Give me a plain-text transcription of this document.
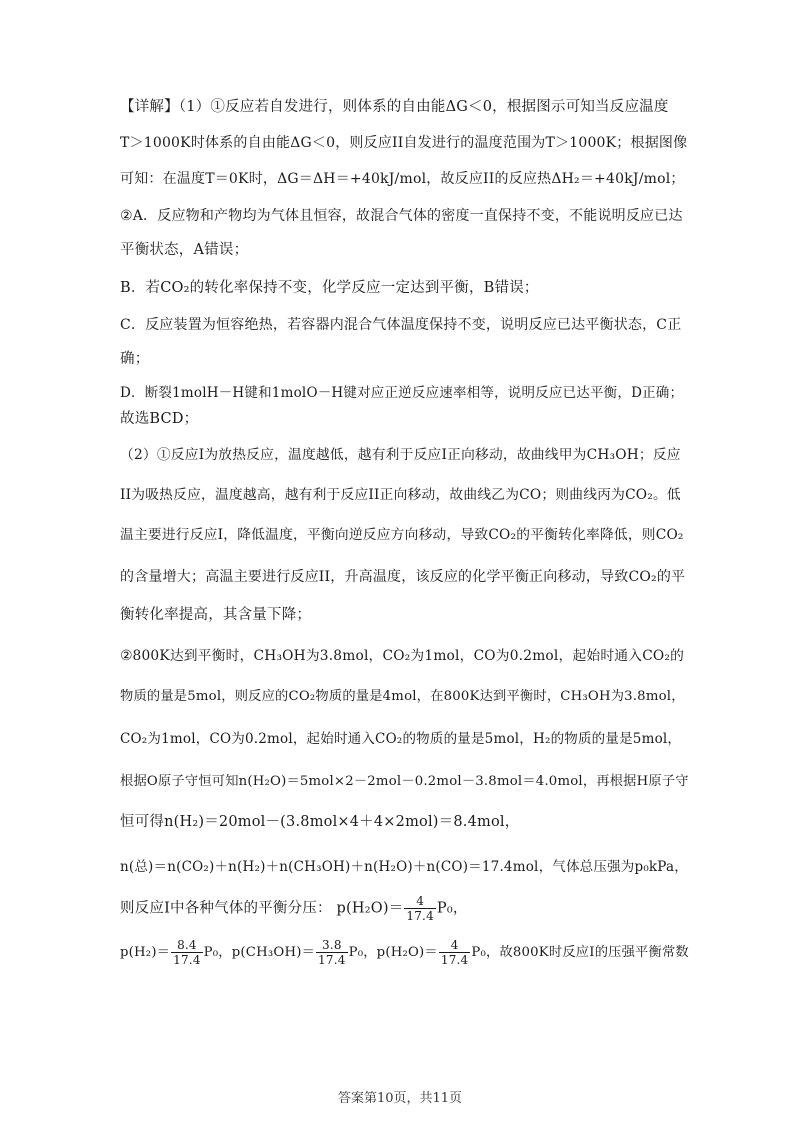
【详解】（1）①反应若自发进行，则体系的自由能ΔG＜0，根据图示可知当反应温度
T＞1000K时体系的自由能ΔG＜0，则反应II自发进行的温度范围为T＞1000K；根据图像
可知：在温度T＝0K时，ΔG＝ΔH＝+40kJ/mol，故反应II的反应热ΔH₂＝+40kJ/mol；
②A．反应物和产物均为气体且恒容，故混合气体的密度一直保持不变，不能说明反应已达
平衡状态，A错误；
B．若CO₂的转化率保持不变，化学反应一定达到平衡，B错误；
C．反应装置为恒容绝热，若容器内混合气体温度保持不变，说明反应已达平衡状态，C正
确；
D．断裂1molH－H键和1molO－H键对应正逆反应速率相等，说明反应已达平衡，D正确；
故选BCD；
（2）①反应I为放热反应，温度越低，越有利于反应I正向移动，故曲线甲为CH₃OH；反应
II为吸热反应，温度越高，越有利于反应II正向移动，故曲线乙为CO；则曲线丙为CO₂。低
温主要进行反应I，降低温度，平衡向逆反应方向移动，导致CO₂的平衡转化率降低，则CO₂
的含量增大；高温主要进行反应II，升高温度，该反应的化学平衡正向移动，导致CO₂的平
衡转化率提高，其含量下降；
②800K达到平衡时，CH₃OH为3.8mol，CO₂为1mol，CO为0.2mol，起始时通入CO₂的
物质的量是5mol，则反应的CO₂物质的量是4mol，在800K达到平衡时，CH₃OH为3.8mol，
CO₂为1mol，CO为0.2mol，起始时通入CO₂的物质的量是5mol，H₂的物质的量是5mol，
根据O原子守恒可知n(H₂O)＝5mol×2－2mol－0.2mol－3.8mol＝4.0mol，再根据H原子守
恒可得n(H₂)＝20mol－(3.8mol×4＋4×2mol)＝8.4mol，
n(总)＝n(CO₂)＋n(H₂)＋n(CH₃OH)＋n(H₂O)＋n(CO)＝17.4mol，气体总压强为p₀kPa，
则反应I中各种气体的平衡分压： $p(H_2O)= \frac{4}{17.4} P_0$，
$p(H_2)= \frac{8.4}{17.4} P_0$，$p(CH_3OH)= \frac{3.8}{17.4} P_0$，$p(H_2O)= \frac{4}{17.4} P_0$，故800K时反应I的压强平衡常数
答案第10页，共11页
